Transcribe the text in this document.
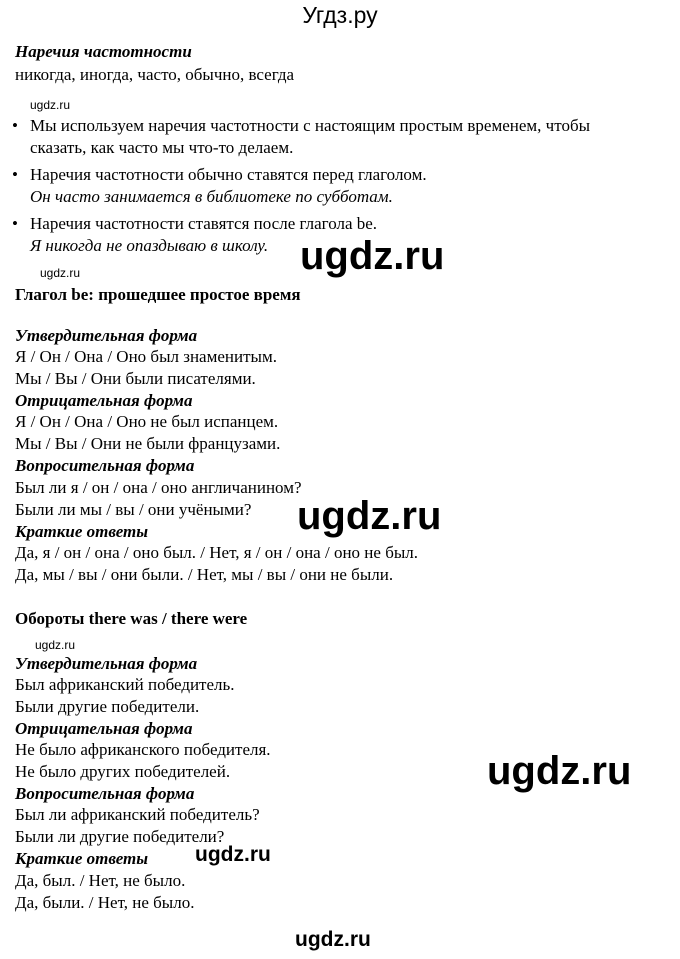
Угдз.ру
Наречия частотности
никогда, иногда, часто, обычно, всегда
ugdz.ru
• Мы используем наречия частотности с настоящим простым временем, чтобы
сказать, как часто мы что-то делаем.
• Наречия частотности обычно ставятся перед глаголом.
Он часто занимается в библиотеке по субботам.
• Наречия частотности ставятся после глагола be.
Я никогда не опаздываю в школу. ugdz.ru
ugdz.ru
Глагол be: прошедшее простое время
Утвердительная форма
Я / Он / Она / Оно был знаменитым.
Мы / Вы / Они были писателями.
Отрицательная форма
Я / Он / Она / Оно не был испанцем.
Мы / Вы / Они не были французами.
Вопросительная форма
Был ли я / он / она / оно англичанином?
Были ли мы / вы / они учёными? ugdz.ru
Краткие ответы
Да, я / он / она / оно был. / Нет, я / он / она / оно не был.
Да, мы / вы / они были. / Нет, мы / вы / они не были.
Обороты there was / there were
ugdz.ru
Утвердительная форма
Был африканский победитель.
Были другие победители.
Отрицательная форма
Не было африканского победителя.
Не было других победителей.	ugdz.ru
Вопросительная форма
Был ли африканский победитель?
Были ли другие победители?
Краткие ответы ugdz.ru
Да, был. / Нет, не было.
Да, были. / Нет, не было.
ugdz.ru
